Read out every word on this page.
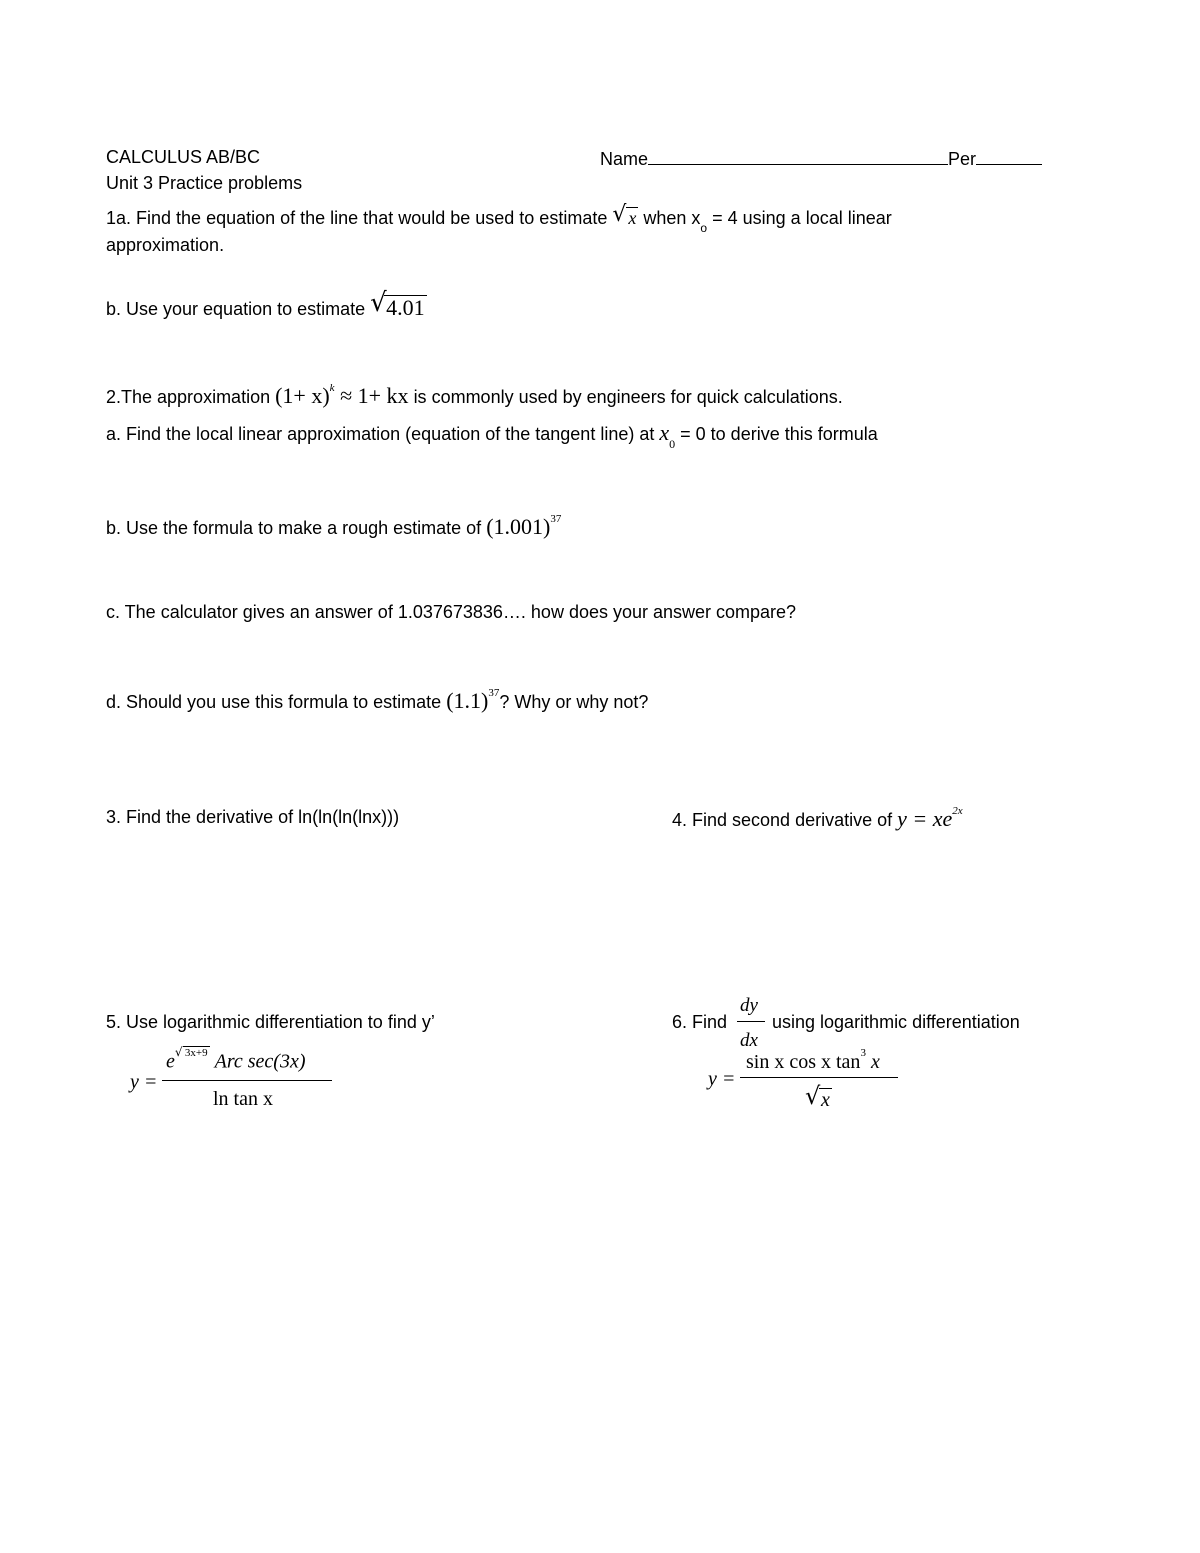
CALCULUS AB/BC	Name	Per
Unit 3 Practice problems
1a. Find the equation of the line that would be used to estimate √ x when $x_o = 4$ using a local linear
approximation.
b. Use your equation to estimate √ 4.01
2.The approximation $(1+ x)^k \approx 1+$ kx is commonly used by engineers for quick calculations.
a. Find the local linear approximation (equation of the tangent line) at $x_0 = 0$ to derive this formula
b. Use the formula to make a rough estimate of $(1.001)^{37}$
c. The calculator gives an answer of 1.037673836…. how does your answer compare?
d. Should you use this formula to estimate $(1.1)^{37}$? Why or why not?
3. Find the derivative of ln(ln(ln(lnx)))	4. Find second derivative of $y = xe^{2x}$
5. Use logarithmic differentiation to find y’
y =
e $^{√ 3x+9}$ Arc sec(3x)
ln tan x
6. Find
dy
dx
using logarithmic differentiation
y =
sin x cos x $\tan^3 x$
√ x
